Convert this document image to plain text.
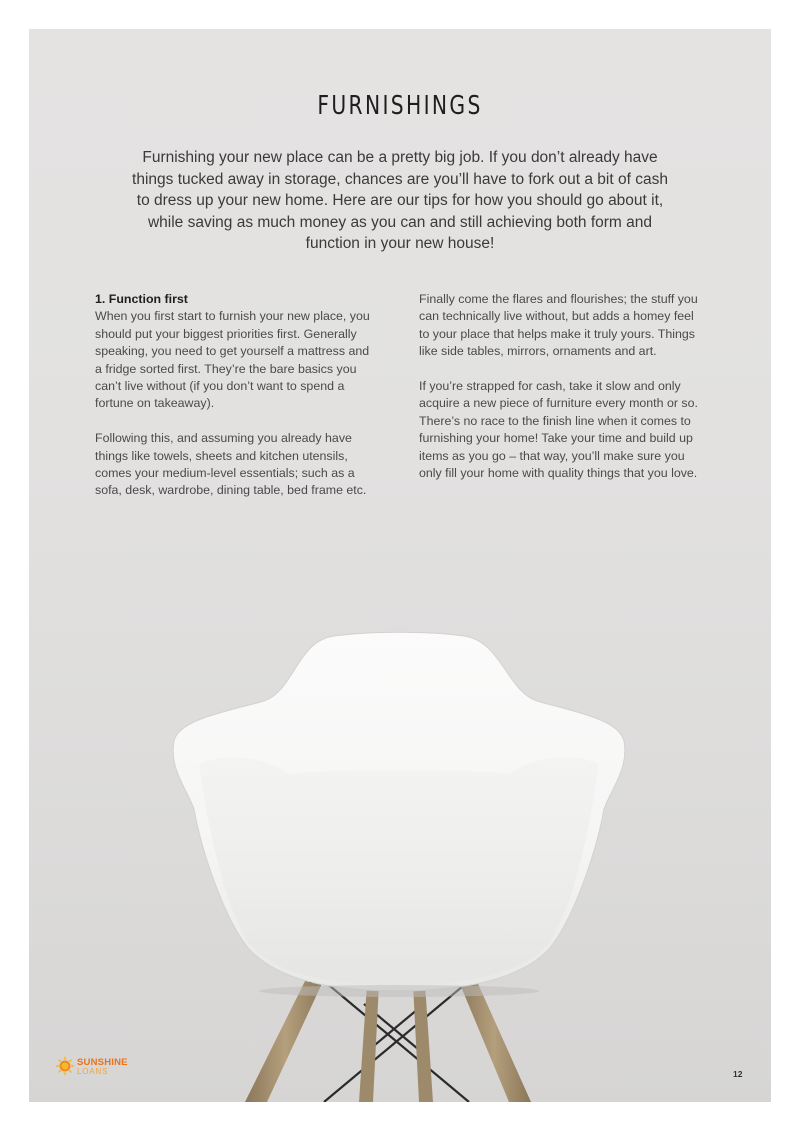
FURNISHINGS
Furnishing your new place can be a pretty big job. If you don’t already have things tucked away in storage, chances are you’ll have to fork out a bit of cash to dress up your new home. Here are our tips for how you should go about it, while saving as much money as you can and still achieving both form and function in your new house!
1. Function first

When you first start to furnish your new place, you should put your biggest priorities first. Generally speaking, you need to get yourself a mattress and a fridge sorted first. They’re the bare basics you can’t live without (if you don’t want to spend a fortune on takeaway).

Following this, and assuming you already have things like towels, sheets and kitchen utensils, comes your medium-level essentials; such as a sofa, desk, wardrobe, dining table, bed frame etc.

Finally come the flares and flourishes; the stuff you can technically live without, but adds a homey feel to your place that helps make it truly yours. Things like side tables, mirrors, ornaments and art.

If you’re strapped for cash, take it slow and only acquire a new piece of furniture every month or so. There’s no race to the finish line when it comes to furnishing your home! Take your time and build up items as you go – that way, you’ll make sure you only fill your home with quality things that you love.

SUNSHINE
LOANS	12
